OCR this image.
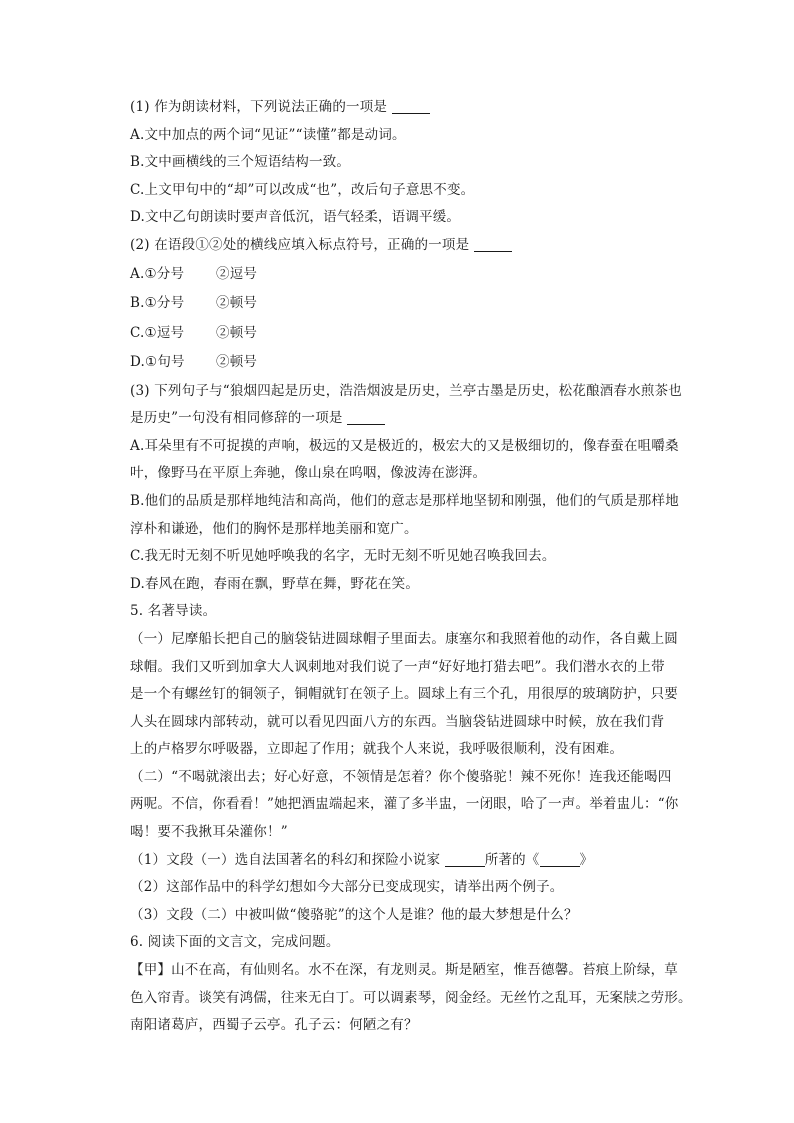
(1) 作为朗读材料，下列说法正确的一项是
A.文中加点的两个词“见证”“读懂”都是动词。
B.文中画横线的三个短语结构一致。
C.上文甲句中的“却”可以改成“也”，改后句子意思不变。
D.文中乙句朗读时要声音低沉，语气轻柔，语调平缓。
(2) 在语段①②处的横线应填入标点符号，正确的一项是
A.①分号 ②逗号
B.①分号 ②顿号
C.①逗号 ②顿号
D.①句号 ②顿号
(3) 下列句子与“狼烟四起是历史，浩浩烟波是历史，兰亭古墨是历史，松花酿酒春水煎茶也
是历史”一句没有相同修辞的一项是
A.耳朵里有不可捉摸的声响，极远的又是极近的，极宏大的又是极细切的，像春蚕在咀嚼桑
叶，像野马在平原上奔驰，像山泉在呜咽，像波涛在澎湃。
B.他们的品质是那样地纯洁和高尚，他们的意志是那样地坚韧和刚强，他们的气质是那样地
淳朴和谦逊，他们的胸怀是那样地美丽和宽广。
C.我无时无刻不听见她呼唤我的名字，无时无刻不听见她召唤我回去。
D.春风在跑，春雨在飘，野草在舞，野花在笑。
5. 名著导读。
（一）尼摩船长把自己的脑袋钻进圆球帽子里面去。康塞尔和我照着他的动作，各自戴上圆
球帽。我们又听到加拿大人讽刺地对我们说了一声“好好地打猎去吧”。我们潜水衣的上带
是一个有螺丝钉的铜领子，铜帽就钉在领子上。圆球上有三个孔，用很厚的玻璃防护，只要
人头在圆球内部转动，就可以看见四面八方的东西。当脑袋钻进圆球中时候，放在我们背
上的卢格罗尔呼吸器，立即起了作用；就我个人来说，我呼吸很顺利，没有困难。
（二）“不喝就滚出去；好心好意，不领情是怎着？你个傻骆驼！辣不死你！连我还能喝四
两呢。不信，你看看！”她把酒盅端起来，灌了多半盅，一闭眼，哈了一声。举着盅儿：“你
喝！要不我揪耳朵灌你！”
（1）文段（一）选自法国著名的科幻和探险小说家	所著的《	》
（2）这部作品中的科学幻想如今大部分已变成现实，请举出两个例子。
（3）文段（二）中被叫做“傻骆驼”的这个人是谁？他的最大梦想是什么？
6. 阅读下面的文言文，完成问题。
【甲】山不在高，有仙则名。水不在深，有龙则灵。斯是陋室，惟吾德馨。苔痕上阶绿，草
色入帘青。谈笑有鸿儒，往来无白丁。可以调素琴，阅金经。无丝竹之乱耳，无案牍之劳形。
南阳诸葛庐，西蜀子云亭。孔子云：何陋之有？
